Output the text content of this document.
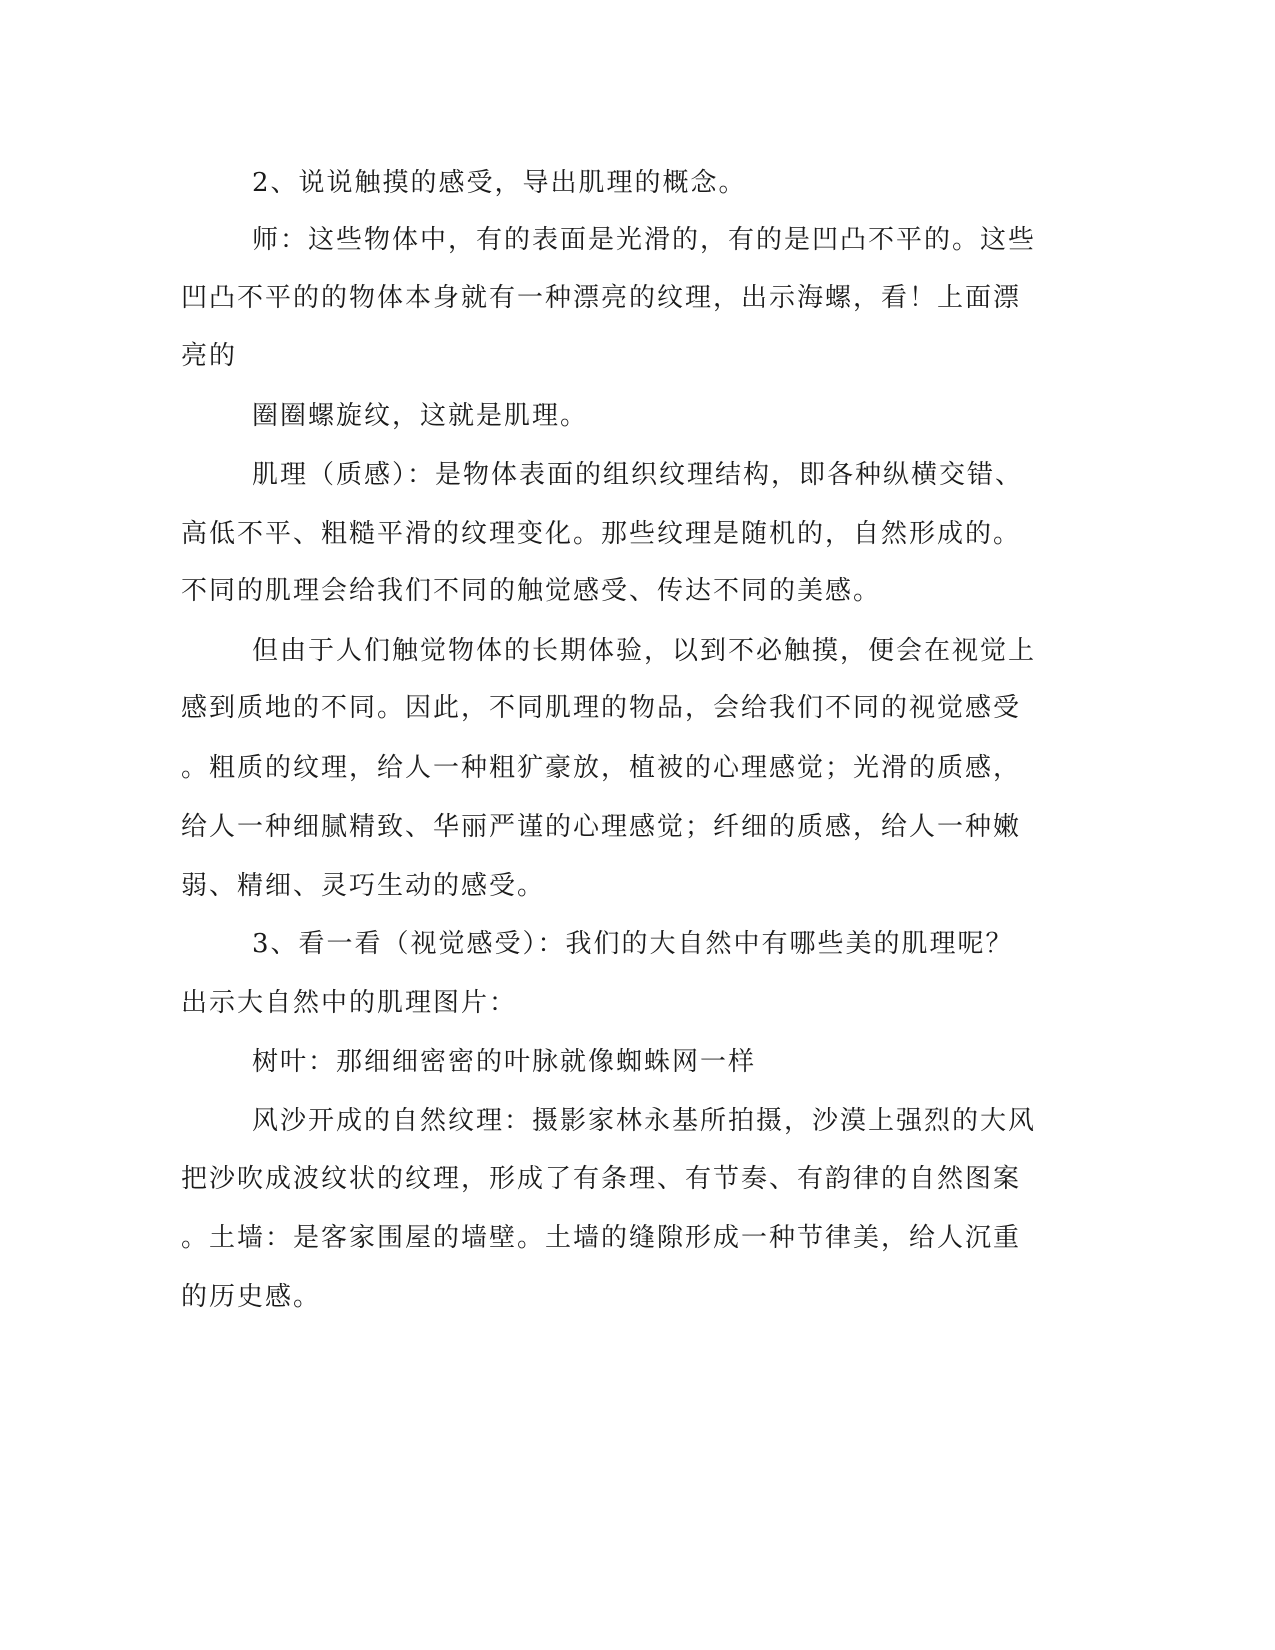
2、说说触摸的感受，导出肌理的概念。

师：这些物体中，有的表面是光滑的，有的是凹凸不平的。这些

凹凸不平的的物体本身就有一种漂亮的纹理，出示海螺，看！上面漂

亮的

圈圈螺旋纹，这就是肌理。

肌理（质感）：是物体表面的组织纹理结构，即各种纵横交错、

高低不平、粗糙平滑的纹理变化。那些纹理是随机的，自然形成的。

不同的肌理会给我们不同的触觉感受、传达不同的美感。

但由于人们触觉物体的长期体验，以到不必触摸，便会在视觉上

感到质地的不同。因此，不同肌理的物品，会给我们不同的视觉感受

。粗质的纹理，给人一种粗犷豪放，植被的心理感觉；光滑的质感，

给人一种细腻精致、华丽严谨的心理感觉；纤细的质感，给人一种嫩

弱、精细、灵巧生动的感受。

3、看一看（视觉感受）：我们的大自然中有哪些美的肌理呢？

出示大自然中的肌理图片：

树叶：那细细密密的叶脉就像蜘蛛网一样

风沙开成的自然纹理：摄影家林永基所拍摄，沙漠上强烈的大风

把沙吹成波纹状的纹理，形成了有条理、有节奏、有韵律的自然图案

。土墙：是客家围屋的墙壁。土墙的缝隙形成一种节律美，给人沉重

的历史感。
